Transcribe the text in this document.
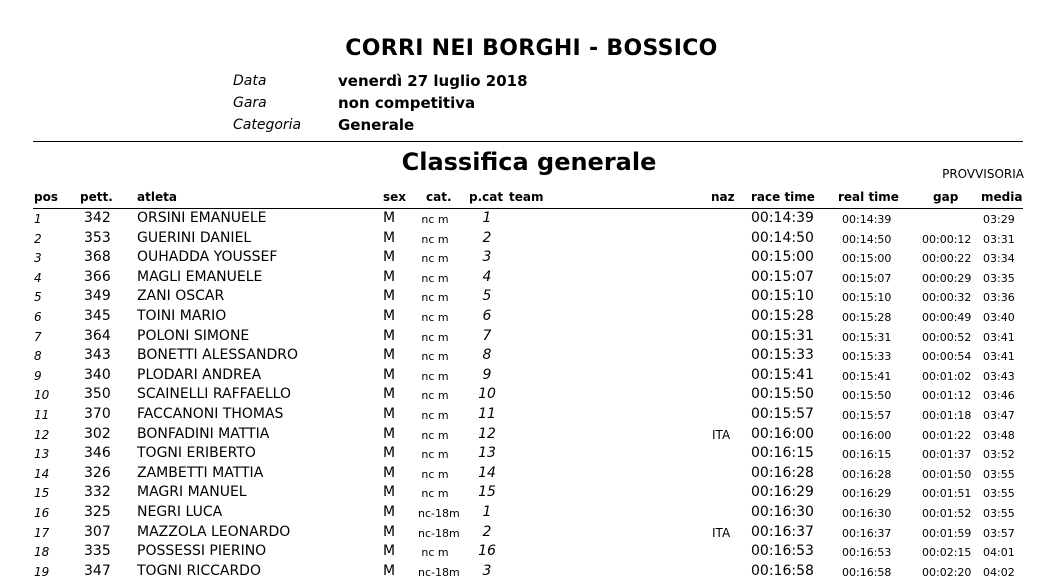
CORRI NEI BORGHI - BOSSICO
Data	venerdì 27 luglio 2018
Gara	non competitiva
Categoria Generale
Classifica generale	PROVVISORIA
pos pett. atleta	sex cat. p.cat team	naz race time real time	gap media
1	342 ORSINI EMANUELE	M	nc m	1	00:14:39	00:14:39	03:29
2	353 GUERINI DANIEL	M	nc m	2	00:14:50	00:14:50	00:00:12 03:31
3	368 OUHADDA YOUSSEF	M	nc m	3	00:15:00	00:15:00	00:00:22 03:34
4	366 MAGLI EMANUELE	M	nc m	4	00:15:07	00:15:07	00:00:29 03:35
5	349 ZANI OSCAR	M	nc m	5	00:15:10	00:15:10	00:00:32 03:36
6	345 TOINI MARIO	M	nc m	6	00:15:28	00:15:28	00:00:49 03:40
7	364 POLONI SIMONE	M	nc m	7	00:15:31	00:15:31	00:00:52 03:41
8	343 BONETTI ALESSANDRO	M	nc m	8	00:15:33	00:15:33	00:00:54 03:41
9	340 PLODARI ANDREA	M	nc m	9	00:15:41	00:15:41	00:01:02 03:43
10 350 SCAINELLI RAFFAELLO	M	nc m	10	00:15:50	00:15:50	00:01:12 03:46
11 370 FACCANONI THOMAS	M	nc m	11	00:15:57	00:15:57	00:01:18 03:47
12 302 BONFADINI MATTIA	M	nc m	12	ITA 00:16:00	00:16:00	00:01:22 03:48
13 346 TOGNI ERIBERTO	M	nc m	13	00:16:15	00:16:15	00:01:37 03:52
14 326 ZAMBETTI MATTIA	M	nc m	14	00:16:28	00:16:28	00:01:50 03:55
15 332 MAGRI MANUEL	M	nc m	15	00:16:29	00:16:29	00:01:51 03:55
16 325 NEGRI LUCA	M nc-18m	1	00:16:30	00:16:30	00:01:52 03:55
17 307 MAZZOLA LEONARDO	M nc-18m	2	ITA 00:16:37	00:16:37	00:01:59 03:57
18 335 POSSESSI PIERINO	M	nc m	16	00:16:53	00:16:53	00:02:15 04:01
19 347 TOGNI RICCARDO	M nc-18m	3	00:16:58	00:16:58	00:02:20 04:02
